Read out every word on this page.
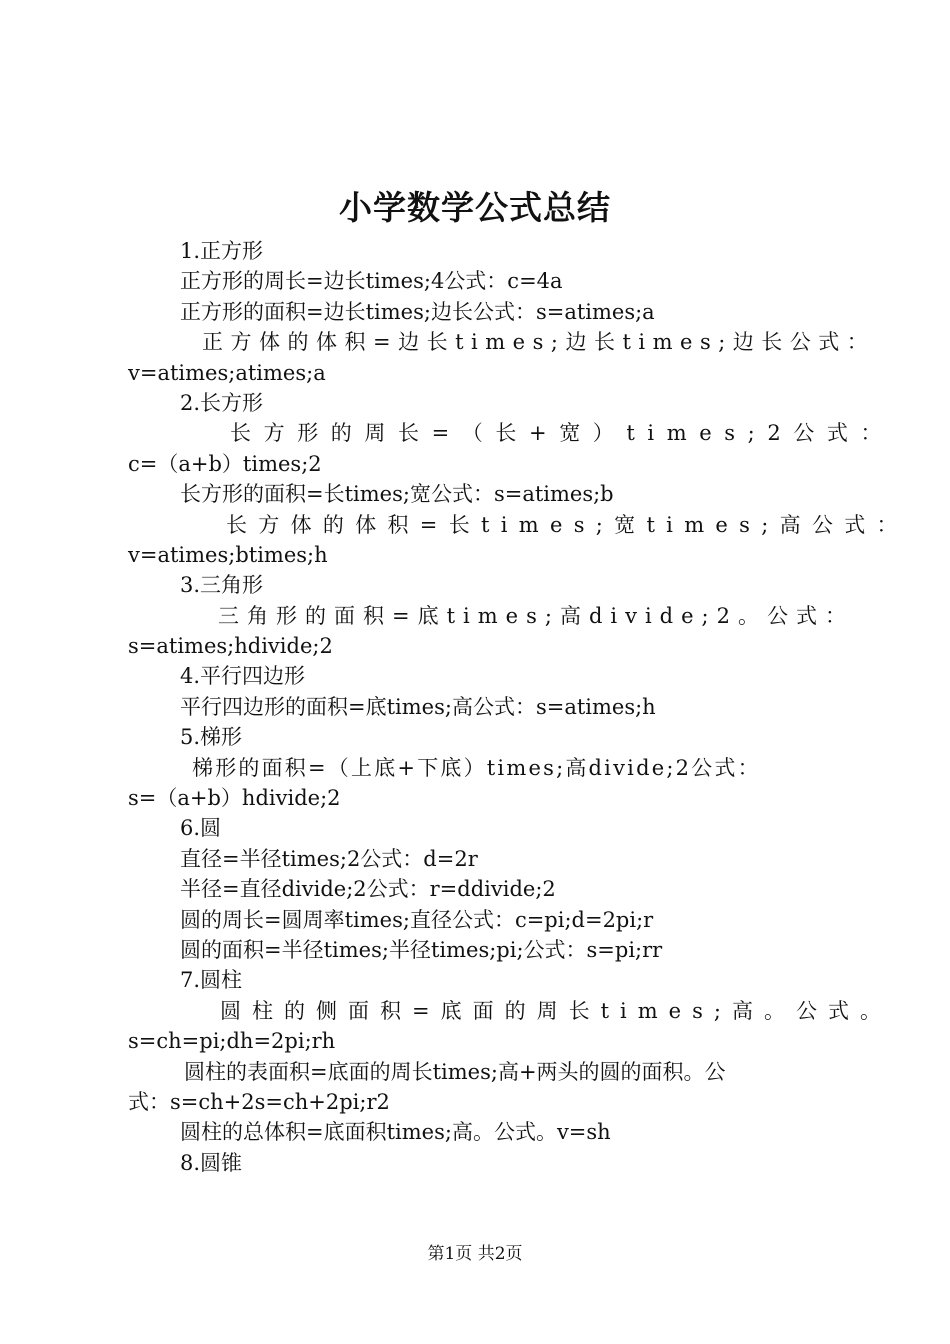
小学数学公式总结
1.正方形
正方形的周长=边长times;4公式：c=4a
正方形的面积=边长times;边长公式：s=atimes;a
正方体的体积=边长times;边长times;边长公式：
v=atimes;atimes;a
2.长方形
长方形的周长=（长+宽）times;2公式：
c=（a+b）times;2
长方形的面积=长times;宽公式：s=atimes;b
长方体的体积=长times;宽times;高公式：
v=atimes;btimes;h
3.三角形
三角形的面积=底times;高divide;2。公式：
s=atimes;hdivide;2
4.平行四边形
平行四边形的面积=底times;高公式：s=atimes;h
5.梯形
梯形的面积=（上底+下底）times;高divide;2公式：
s=（a+b）hdivide;2
6.圆
直径=半径times;2公式：d=2r
半径=直径divide;2公式：r=ddivide;2
圆的周长=圆周率times;直径公式：c=pi;d=2pi;r
圆的面积=半径times;半径times;pi;公式：s=pi;rr
7.圆柱
圆柱的侧面积=底面的周长times;高。公式。
s=ch=pi;dh=2pi;rh
圆柱的表面积=底面的周长times;高+两头的圆的面积。公
式：s=ch+2s=ch+2pi;r2
圆柱的总体积=底面积times;高。公式。v=sh
8.圆锥
第1页 共2页
